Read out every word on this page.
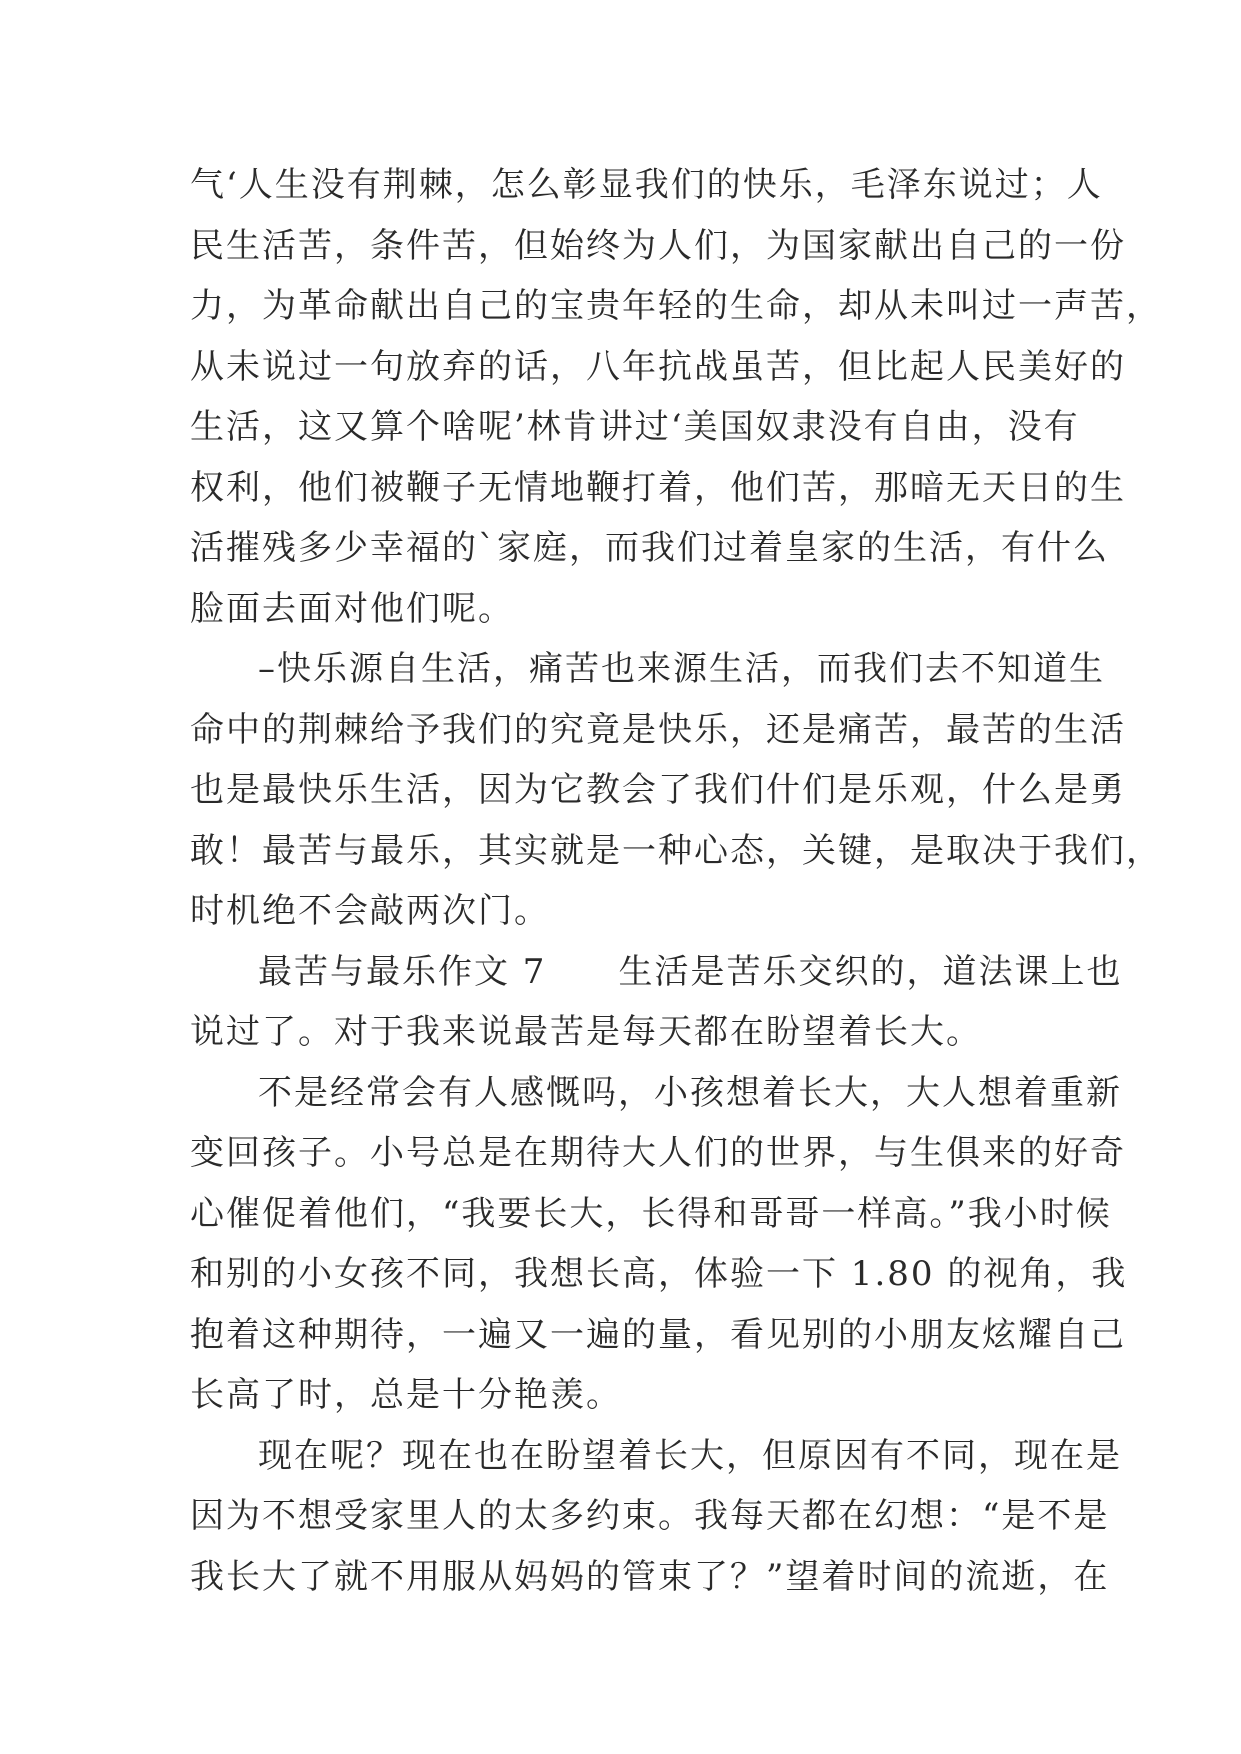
气‘人生没有荆棘，怎么彰显我们的快乐，毛泽东说过；人
民生活苦，条件苦，但始终为人们，为国家献出自己的一份
力，为革命献出自己的宝贵年轻的生命，却从未叫过一声苦，
从未说过一句放弃的话，八年抗战虽苦，但比起人民美好的
生活，这又算个啥呢’林肯讲过‘美国奴隶没有自由，没有
权利，他们被鞭子无情地鞭打着，他们苦，那暗无天日的生
活摧残多少幸福的`家庭，而我们过着皇家的生活，有什么
脸面去面对他们呢。
–快乐源自生活，痛苦也来源生活，而我们去不知道生
命中的荆棘给予我们的究竟是快乐，还是痛苦，最苦的生活
也是最快乐生活，因为它教会了我们什们是乐观，什么是勇
敢！最苦与最乐，其实就是一种心态，关键，是取决于我们，
时机绝不会敲两次门。
最苦与最乐作文 7　　生活是苦乐交织的，道法课上也
说过了。对于我来说最苦是每天都在盼望着长大。
不是经常会有人感慨吗，小孩想着长大，大人想着重新
变回孩子。小号总是在期待大人们的世界，与生俱来的好奇
心催促着他们，“我要长大，长得和哥哥一样高。”我小时候
和别的小女孩不同，我想长高，体验一下 1.80 的视角，我
抱着这种期待，一遍又一遍的量，看见别的小朋友炫耀自己
长高了时，总是十分艳羡。
现在呢？现在也在盼望着长大，但原因有不同，现在是
因为不想受家里人的太多约束。我每天都在幻想：“是不是
我长大了就不用服从妈妈的管束了？”望着时间的流逝，在
